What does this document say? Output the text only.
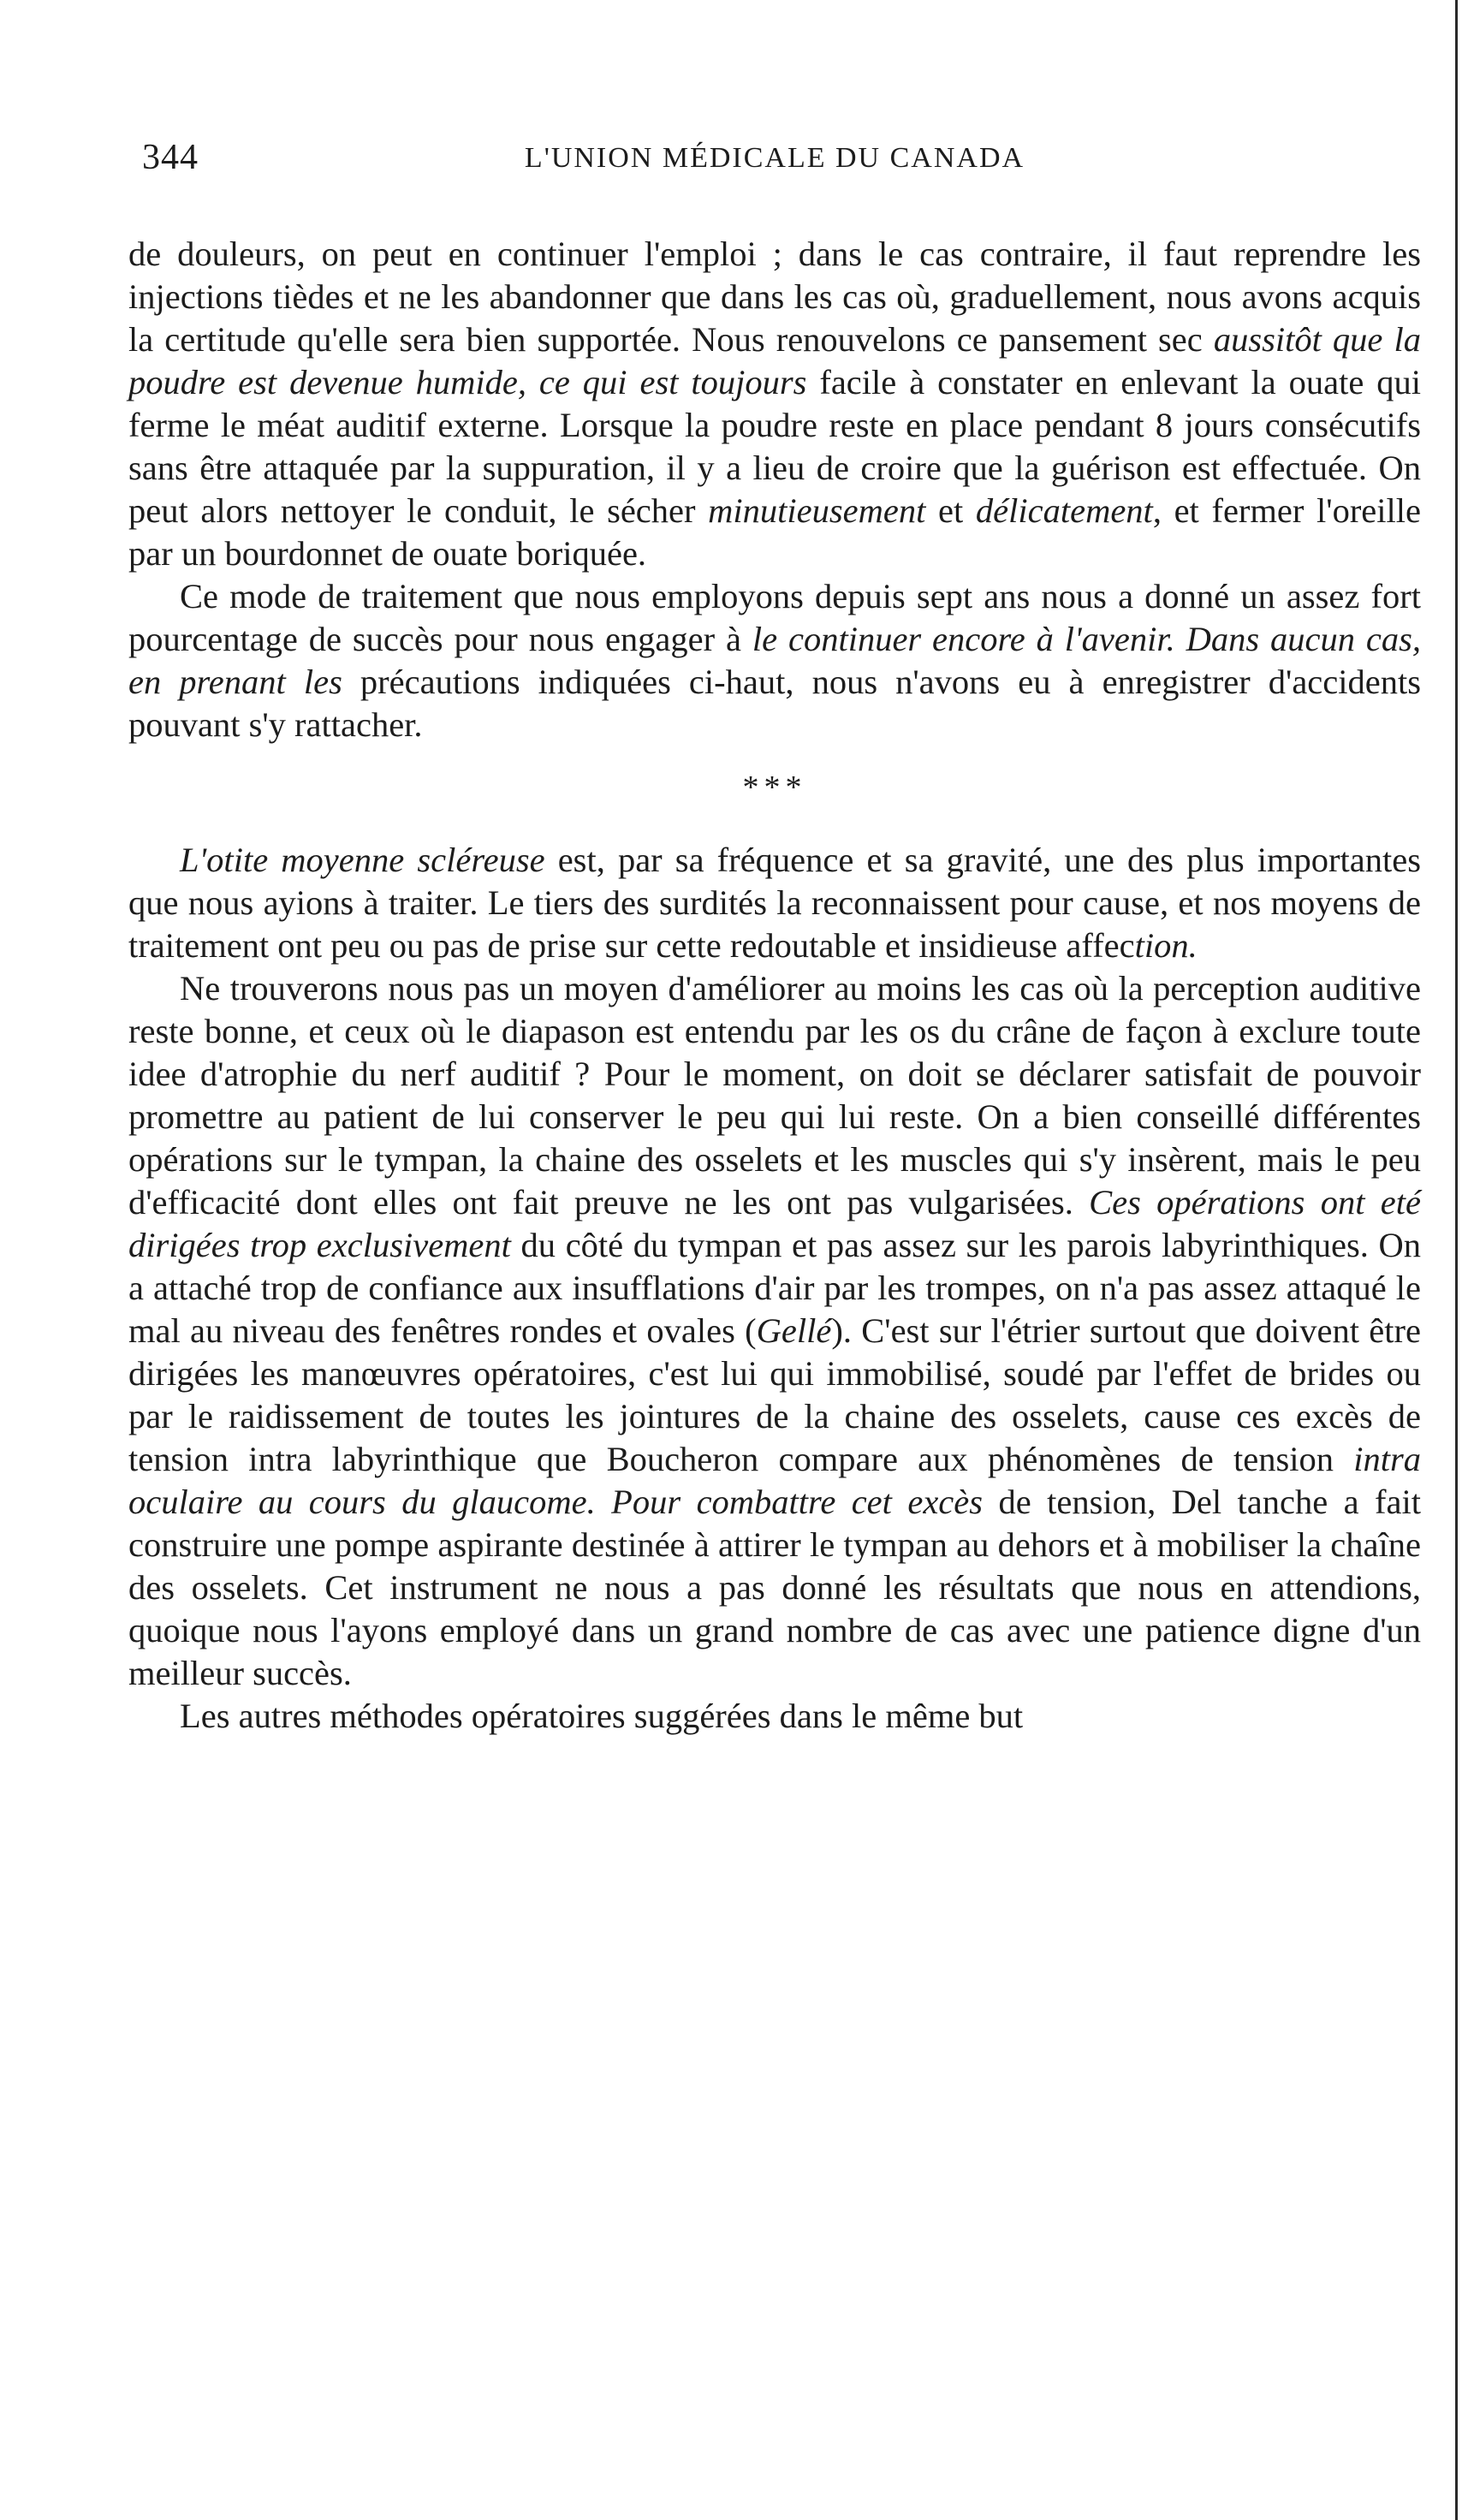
344	L'UNION MÉDICALE DU CANADA

de douleurs, on peut en continuer l'emploi ; dans le cas contraire, il faut reprendre les injections tièdes et ne les abandonner que dans les cas où, graduellement, nous avons acquis la certitude qu'elle sera bien supportée. Nous renouvelons ce pansement sec aussitôt que la poudre est devenue humide, ce qui est toujours facile à constater en enlevant la ouate qui ferme le méat auditif externe. Lorsque la poudre reste en place pendant 8 jours consécutifs sans être attaquée par la suppuration, il y a lieu de croire que la guérison est effectuée. On peut alors nettoyer le conduit, le sécher minutieusement et délicatement, et fermer l'oreille par un bourdonnet de ouate boriquée.

Ce mode de traitement que nous employons depuis sept ans nous a donné un assez fort pourcentage de succès pour nous engager à le continuer encore à l'avenir. Dans aucun cas, en prenant les précautions indiquées ci-haut, nous n'avons eu à enregistrer d'accidents pouvant s'y rattacher.

***

L'otite moyenne scléreuse est, par sa fréquence et sa gravité, une des plus importantes que nous ayions à traiter. Le tiers des surdités la reconnaissent pour cause, et nos moyens de traitement ont peu ou pas de prise sur cette redoutable et insidieuse affection.

Ne trouverons nous pas un moyen d'améliorer au moins les cas où la perception auditive reste bonne, et ceux où le diapason est entendu par les os du crâne de façon à exclure toute idee d'atrophie du nerf auditif ? Pour le moment, on doit se déclarer satisfait de pouvoir promettre au patient de lui conserver le peu qui lui reste. On a bien conseillé différentes opérations sur le tympan, la chaine des osselets et les muscles qui s'y insèrent, mais le peu d'efficacité dont elles ont fait preuve ne les ont pas vulgarisées. Ces opérations ont eté dirigées trop exclusivement du côté du tympan et pas assez sur les parois labyrinthiques. On a attaché trop de confiance aux insufflations d'air par les trompes, on n'a pas assez attaqué le mal au niveau des fenêtres rondes et ovales (Gellé). C'est sur l'étrier surtout que doivent être dirigées les manœuvres opératoires, c'est lui qui immobilisé, soudé par l'effet de brides ou par le raidissement de toutes les jointures de la chaine des osselets, cause ces excès de tension intra labyrinthique que Boucheron compare aux phénomènes de tension intra oculaire au cours du glaucome. Pour combattre cet excès de tension, Del tanche a fait construire une pompe aspirante destinée à attirer le tympan au dehors et à mobiliser la chaîne des osselets. Cet instrument ne nous a pas donné les résultats que nous en attendions, quoique nous l'ayons employé dans un grand nombre de cas avec une patience digne d'un meilleur succès.

Les autres méthodes opératoires suggérées dans le même but
